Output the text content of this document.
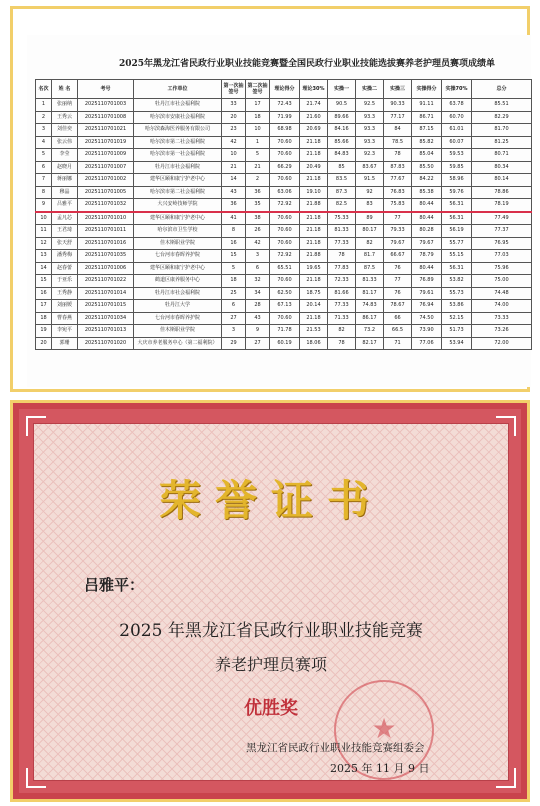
2025年黑龙江省民政行业职业技能竞赛暨全国民政行业职业技能选拔赛养老护理员赛项成绩单
名次	姓 名	考号	工作单位	第一次抽签号	第二次抽签号	理论得分	理论30%	实操一	实操二	实操三	实操得分	实操70%	总分
1	张丽纳	2025110701003	牡丹江市社会福利院	33	17	72.43	21.74	90.5	92.5	90.33	91.11	63.78	85.51
2	王秀云	2025110701008	哈尔滨市安康社会福利院	20	18	71.99	21.60	89.66	93.3	77.17	86.71	60.70	82.29
3	刘佳奕	2025110701021	哈尔滨森海医养服务有限公司	23	10	68.98	20.69	84.16	93.3	84	87.15	61.01	81.70
4	张云伟	2025110701019	哈尔滨市第二社会福利院	42	1	70.60	21.18	85.66	93.3	78.5	85.82	60.07	81.25
5	李莹	2025110701009	哈尔滨市第一社会福利院	10	5	70.60	21.18	84.83	92.3	78	85.04	59.53	80.71
6	赵晓月	2025110701007	牡丹江市社会福利院	21	21	66.29	20.49	85	83.67	87.83	85.50	59.85	80.34
7	蒋丽娜	2025110701002	建华区颐和康宁护老中心	14	2	70.60	21.18	83.5	91.5	77.67	84.22	58.96	80.14
8	穆晶	2025110701005	哈尔滨市第二社会福利院	43	36	63.06	19.10	87.3	92	76.83	85.38	59.76	78.86
9	吕雅平	2025110701032	大兴安岭技师学院	36	35	72.92	21.88	82.5	83	75.83	80.44	56.31	78.19
10	孟凡芯	2025110701010	建华区颐和康宁护老中心	41	38	70.60	21.18	75.33	89	77	80.44	56.31	77.49
11	王君琦	2025110701011	哈尔滨市卫生学校	8	26	70.60	21.18	81.33	80.17	79.33	80.28	56.19	77.37
12	张天舒	2025110701016	佳木斯职业学院	16	42	70.60	21.18	77.33	82	79.67	79.67	55.77	76.95
13	潘秀梅	2025110701035	七台河市春晖养护院	15	3	72.92	21.88	78	81.7	66.67	78.79	55.15	77.03
14	赵春蕾	2025110701006	建华区颐和康宁护老中心	5	6	65.51	19.65	77.83	87.5	76	80.44	56.31	75.96
15	于亚乐	2025110701022	鹤道区康养服务中心	18	32	70.60	21.18	72.33	81.33	77	76.89	53.82	75.00
16	王秀静	2025110701014	牡丹江市社会福利院	25	34	62.50	18.75	81.66	81.17	76	79.61	55.73	74.48
17	刘丽媛	2025110701015	牡丹江大学	6	28	67.13	20.14	77.33	74.83	78.67	76.94	53.86	74.00
18	曹春燕	2025110701034	七台河市春晖养护院	27	43	70.60	21.18	71.33	86.17	66	74.50	52.15	73.33
19	李宛平	2025110701013	佳木斯职业学院	3	9	71.78	21.53	82	73.2	66.5	73.90	51.73	73.26
20	郭珊	2025110701020	大庆市养老服务中心（第二福利院）	29	27	60.19	18.06	78	82.17	71	77.06	53.94	72.00
荣誉证书
吕雅平：
2025 年黑龙江省民政行业职业技能竞赛
养老护理员赛项
优胜奖
★
黑龙江省民政行业职业技能竞赛组委会
2025 年 11 月 9 日
